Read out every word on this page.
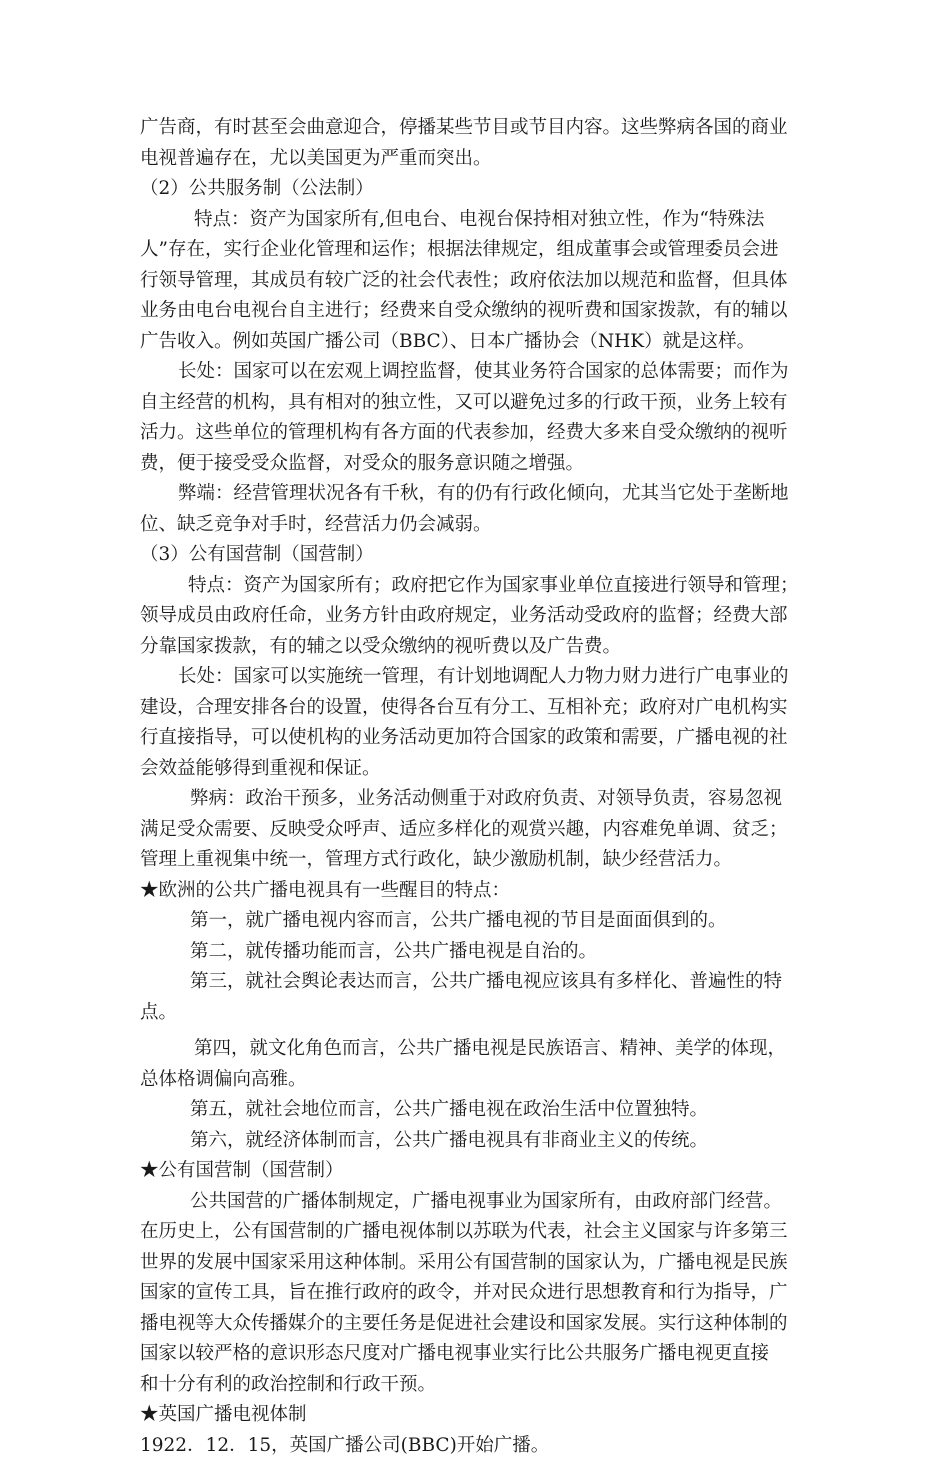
广告商，有时甚至会曲意迎合，停播某些节目或节目内容。这些弊病各国的商业
电视普遍存在，尤以美国更为严重而突出。
（2）公共服务制（公法制）
特点：资产为国家所有,但电台、电视台保持相对独立性，作为“特殊法
人”存在，实行企业化管理和运作；根据法律规定，组成董事会或管理委员会进
行领导管理，其成员有较广泛的社会代表性；政府依法加以规范和监督，但具体
业务由电台电视台自主进行；经费来自受众缴纳的视听费和国家拨款，有的辅以
广告收入。例如英国广播公司（BBC）、日本广播协会（NHK）就是这样。
长处：国家可以在宏观上调控监督，使其业务符合国家的总体需要；而作为
自主经营的机构，具有相对的独立性，又可以避免过多的行政干预，业务上较有
活力。这些单位的管理机构有各方面的代表参加，经费大多来自受众缴纳的视听
费，便于接受受众监督，对受众的服务意识随之增强。
弊端：经营管理状况各有千秋，有的仍有行政化倾向，尤其当它处于垄断地
位、缺乏竞争对手时，经营活力仍会减弱。
（3）公有国营制（国营制）
特点：资产为国家所有；政府把它作为国家事业单位直接进行领导和管理；
领导成员由政府任命，业务方针由政府规定，业务活动受政府的监督；经费大部
分靠国家拨款，有的辅之以受众缴纳的视听费以及广告费。
长处：国家可以实施统一管理，有计划地调配人力物力财力进行广电事业的
建设，合理安排各台的设置，使得各台互有分工、互相补充；政府对广电机构实
行直接指导，可以使机构的业务活动更加符合国家的政策和需要，广播电视的社
会效益能够得到重视和保证。
弊病：政治干预多，业务活动侧重于对政府负责、对领导负责，容易忽视
满足受众需要、反映受众呼声、适应多样化的观赏兴趣，内容难免单调、贫乏；
管理上重视集中统一，管理方式行政化，缺少激励机制，缺少经营活力。
★欧洲的公共广播电视具有一些醒目的特点：
第一，就广播电视内容而言，公共广播电视的节目是面面俱到的。
第二，就传播功能而言，公共广播电视是自治的。
第三，就社会舆论表达而言，公共广播电视应该具有多样化、普遍性的特
点。
第四，就文化角色而言，公共广播电视是民族语言、精神、美学的体现，
总体格调偏向高雅。
第五，就社会地位而言，公共广播电视在政治生活中位置独特。
第六，就经济体制而言，公共广播电视具有非商业主义的传统。
★公有国营制（国营制）
公共国营的广播体制规定，广播电视事业为国家所有，由政府部门经营。
在历史上，公有国营制的广播电视体制以苏联为代表，社会主义国家与许多第三
世界的发展中国家采用这种体制。采用公有国营制的国家认为，广播电视是民族
国家的宣传工具，旨在推行政府的政令，并对民众进行思想教育和行为指导，广
播电视等大众传播媒介的主要任务是促进社会建设和国家发展。实行这种体制的
国家以较严格的意识形态尺度对广播电视事业实行比公共服务广播电视更直接
和十分有利的政治控制和行政干预。
★英国广播电视体制
1922．12．15，英国广播公司(BBC)开始广播。
